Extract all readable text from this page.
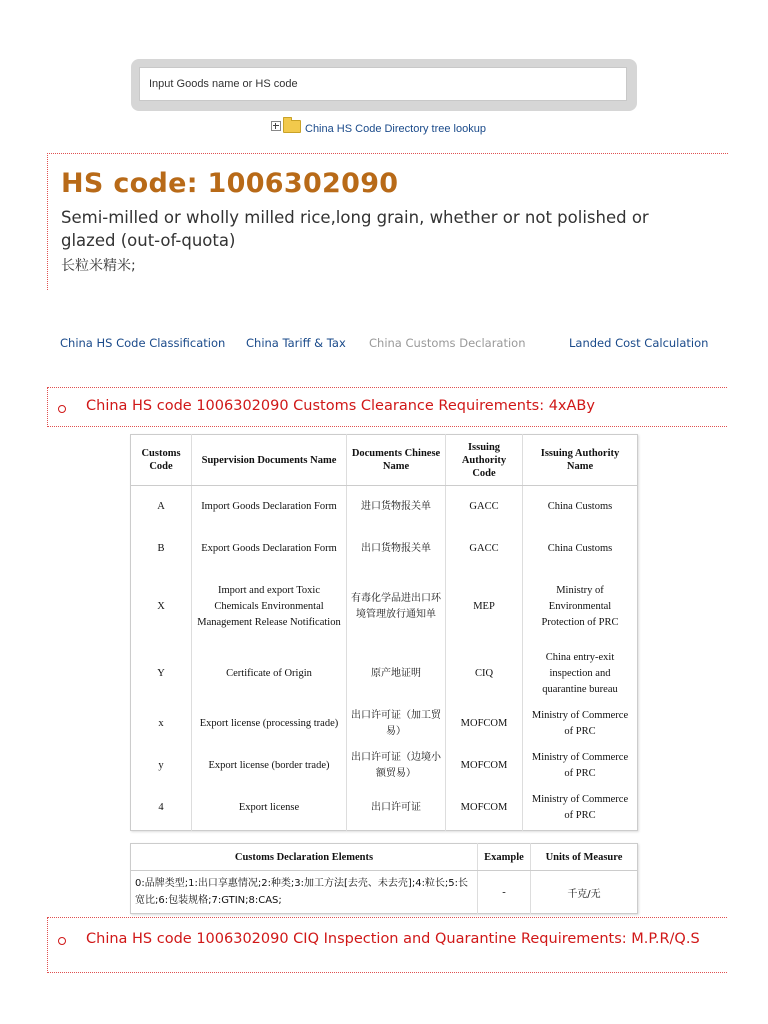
Input Goods name or HS code
China HS Code Directory tree lookup
HS code: 1006302090
Semi-milled or wholly milled rice,long grain, whether or not polished or glazed (out-of-quota)
长粒米精米;
China HS Code Classification China Tariff & Tax China Customs Declaration	Landed Cost Calculation
China HS code 1006302090 Customs Clearance Requirements: 4xABy
Customs Code	Supervision Documents Name	Documents Chinese Name	Issuing Authority Code	Issuing Authority Name
A	Import Goods Declaration Form	进口货物报关单	GACC	China Customs
B	Export Goods Declaration Form	出口货物报关单	GACC	China Customs
X	Import and export Toxic Chemicals Environmental Management Release Notification	有毒化学品进出口环境管理放行通知单	MEP	Ministry of Environmental Protection of PRC
Y	Certificate of Origin	原产地证明	CIQ	China entry-exit inspection and quarantine bureau
x	Export license (processing trade)	出口许可证（加工贸易）	MOFCOM	Ministry of Commerce of PRC
y	Export license (border trade)	出口许可证（边境小额贸易）	MOFCOM	Ministry of Commerce of PRC
4	Export license	出口许可证	MOFCOM	Ministry of Commerce of PRC
Customs Declaration Elements	Example	Units of Measure
0:品牌类型;1:出口享惠情况;2:种类;3:加工方法[去壳、未去壳];4:粒长;5:长宽比;6:包装规格;7:GTIN;8:CAS;	-	千克/无
China HS code 1006302090 CIQ Inspection and Quarantine Requirements: M.P.R/Q.S
